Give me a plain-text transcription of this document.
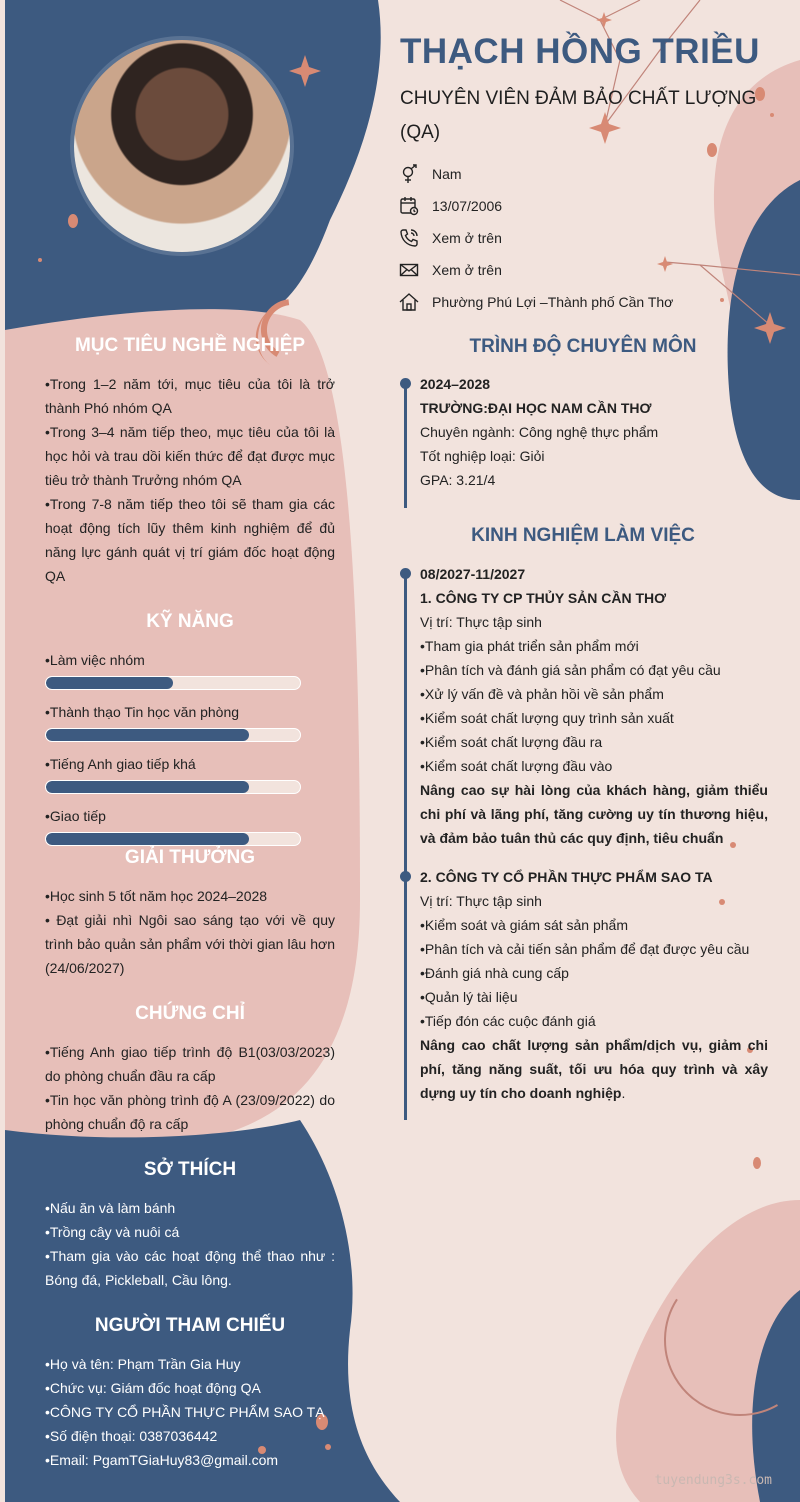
THẠCH HỒNG TRIỀU

CHUYÊN VIÊN ĐẢM BẢO CHẤT LƯỢNG (QA)

Nam
13/07/2006
Xem ở trên
Xem ở trên
Phường Phú Lợi –Thành phố Cần Thơ
MỤC TIÊU NGHỀ NGHIỆP

•Trong 1–2 năm tới, mục tiêu của tôi là trở thành Phó nhóm QA

•Trong 3–4 năm tiếp theo, mục tiêu của tôi là học hỏi và trau dồi kiến thức để đạt được mục tiêu trở thành Trưởng nhóm QA

•Trong 7-8 năm tiếp theo tôi sẽ tham gia các hoạt động tích lũy thêm kinh nghiệm để đủ năng lực gánh quát vị trí giám đốc hoạt động QA

KỸ NĂNG

•Làm việc nhóm

•Thành thạo Tin học văn phòng

•Tiếng Anh giao tiếp khá

•Giao tiếp

GIẢI THƯỞNG

•Học sinh 5 tốt năm học 2024–2028

• Đạt giải nhì Ngôi sao sáng tạo với về quy trình bảo quản sản phẩm với thời gian lâu hơn (24/06/2027)

CHỨNG CHỈ

•Tiếng Anh giao tiếp trình độ B1(03/03/2023) do phòng chuẩn đầu ra cấp

•Tin học văn phòng trình độ A (23/09/2022) do phòng chuẩn độ ra cấp

SỞ THÍCH

•Nấu ăn và làm bánh

•Trồng cây và nuôi cá

•Tham gia vào các hoạt động thể thao như : Bóng đá, Pickleball, Cầu lông.

NGƯỜI THAM CHIẾU

•Họ và tên: Phạm Trần Gia Huy

•Chức vụ: Giám đốc hoạt động QA

•CÔNG TY CỔ PHẦN THỰC PHẨM SAO TẠ

•Số điện thoại: 0387036442

•Email: PgamTGiaHuy83@gmail.com

TRÌNH ĐỘ CHUYÊN MÔN
2024–2028
TRƯỜNG:ĐẠI HỌC NAM CẦN THƠ
Chuyên ngành: Công nghệ thực phẩm
Tốt nghiệp loại: Giỏi
GPA: 3.21/4
KINH NGHIỆM LÀM VIỆC
08/2027-11/2027
1. CÔNG TY CP THỦY SẢN CẦN THƠ
Vị trí: Thực tập sinh
•Tham gia phát triển sản phẩm mới
•Phân tích và đánh giá sản phẩm có đạt yêu cầu
•Xử lý vấn đề và phản hồi về sản phẩm
•Kiểm soát chất lượng quy trình sản xuất
•Kiểm soát chất lượng đầu ra
•Kiểm soát chất lượng đầu vào
Nâng cao sự hài lòng của khách hàng, giảm thiểu chi phí và lãng phí, tăng cường uy tín thương hiệu, và đảm bảo tuân thủ các quy định, tiêu chuẩn
2. CÔNG TY CỔ PHẦN THỰC PHẨM SAO TA
Vị trí: Thực tập sinh
•Kiểm soát và giám sát sản phẩm
•Phân tích và cải tiến sản phẩm để đạt được yêu cầu
•Đánh giá nhà cung cấp
•Quản lý tài liệu
•Tiếp đón các cuộc đánh giá
Nâng cao chất lượng sản phẩm/dịch vụ, giảm chi phí, tăng năng suất, tối ưu hóa quy trình và xây dựng uy tín cho doanh nghiệp.
tuyendung3s.com
